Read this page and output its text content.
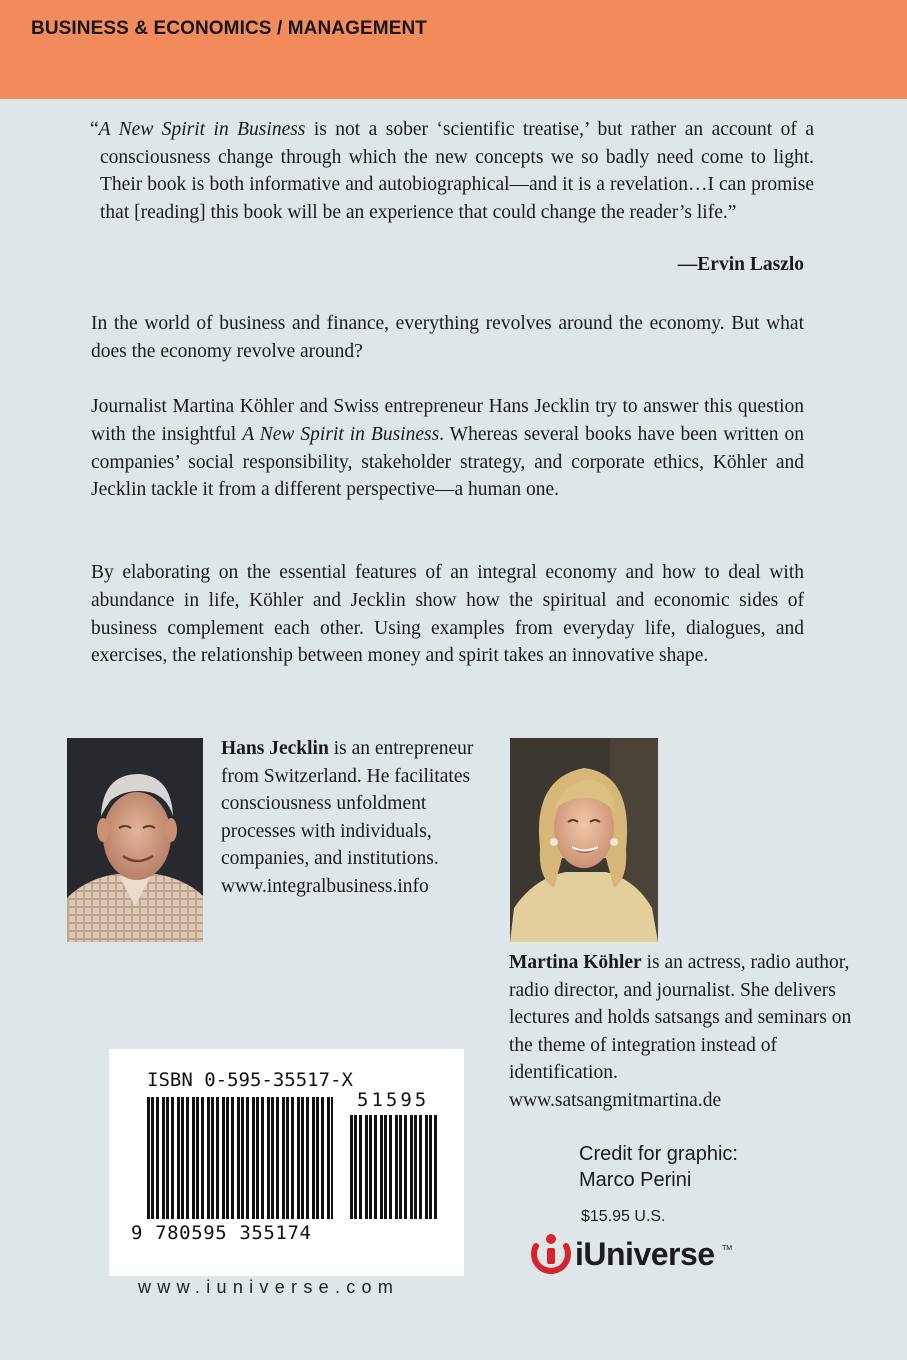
BUSINESS & ECONOMICS / MANAGEMENT
“A New Spirit in Business is not a sober ‘scientific treatise,’ but rather an account of a consciousness change through which the new concepts we so badly need come to light. Their book is both informative and autobiographical—and it is a revelation…I can promise that [reading] this book will be an experience that could change the reader’s life.”
—Ervin Laszlo

In the world of business and finance, everything revolves around the economy. But what does the economy revolve around?

Journalist Martina Köhler and Swiss entrepreneur Hans Jecklin try to answer this question with the insightful A New Spirit in Business. Whereas several books have been written on companies’ social responsibility, stakeholder strategy, and corporate ethics, Köhler and Jecklin tackle it from a different perspective—a human one.

By elaborating on the essential features of an integral economy and how to deal with abundance in life, Köhler and Jecklin show how the spiritual and economic sides of business complement each other. Using examples from everyday life, dialogues, and exercises, the relationship between money and spirit takes an innovative shape.

Hans Jecklin is an entrepreneur from Switzerland. He facilitates consciousness unfoldment processes with individuals, companies, and institutions.
www.integralbusiness.info

Martina Köhler is an actress, radio author, radio director, and journalist. She delivers lectures and holds satsangs and seminars on the theme of integration instead of identification.
www.satsangmitmartina.de

ISBN 0-595-35517-X
51595
9 780595 355174
www.iuniverse.com
Credit for graphic:
Marco Perini
$15.95 U.S.
iUniverse TM
